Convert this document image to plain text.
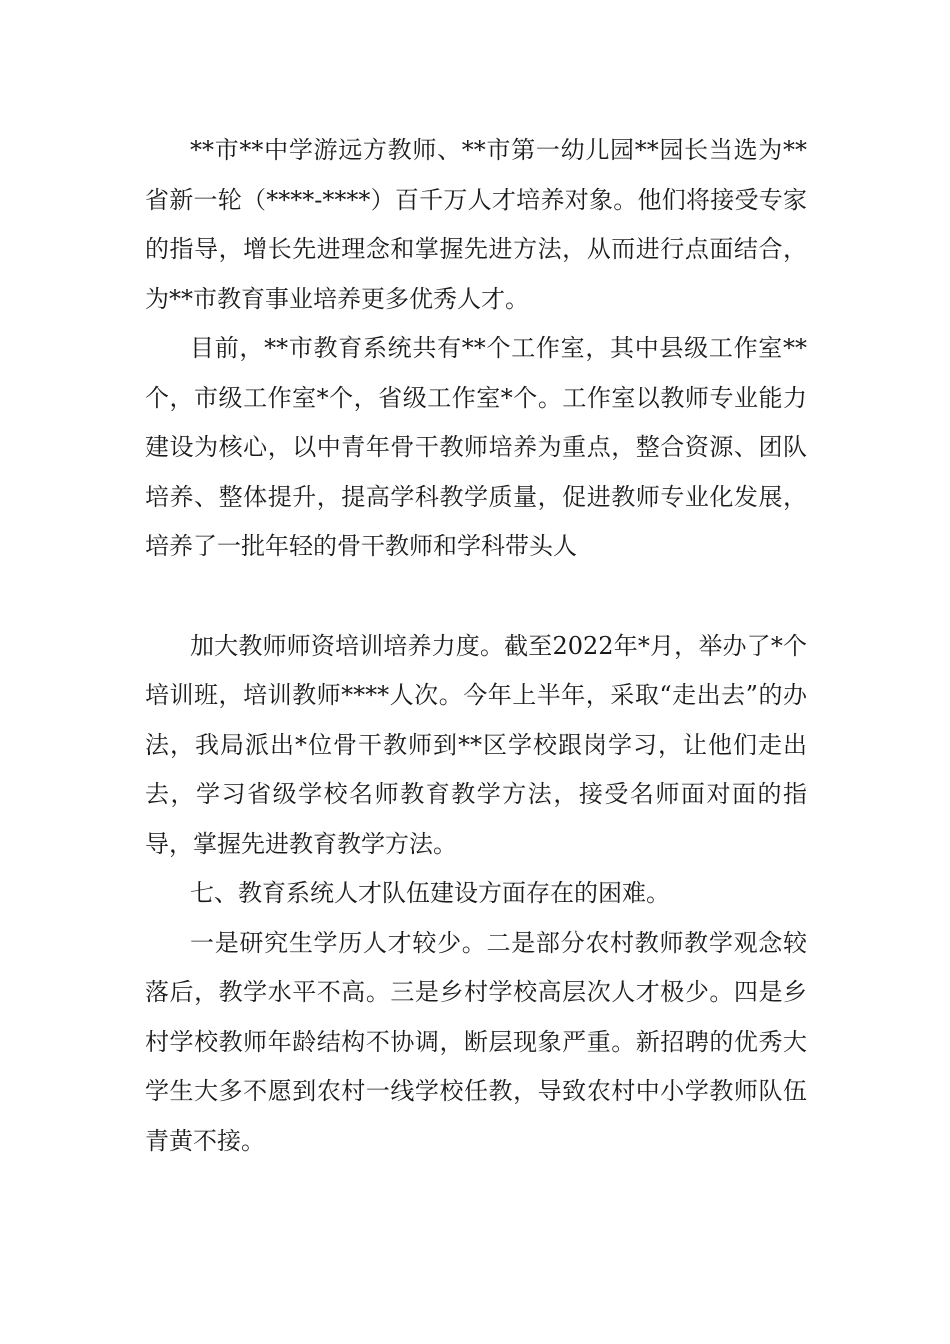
**市**中学游远方教师、**市第一幼儿园**园长当选为**省新一轮（****-****）百千万人才培养对象。他们将接受专家的指导，增长先进理念和掌握先进方法，从而进行点面结合，为**市教育事业培养更多优秀人才。

目前，**市教育系统共有**个工作室，其中县级工作室**个，市级工作室*个，省级工作室*个。工作室以教师专业能力建设为核心，以中青年骨干教师培养为重点，整合资源、团队培养、整体提升，提高学科教学质量，促进教师专业化发展，培养了一批年轻的骨干教师和学科带头人

加大教师师资培训培养力度。截至2022年*月，举办了*个培训班，培训教师****人次。今年上半年，采取“走出去”的办法，我局派出*位骨干教师到**区学校跟岗学习，让他们走出去，学习省级学校名师教育教学方法，接受名师面对面的指导，掌握先进教育教学方法。

七、教育系统人才队伍建设方面存在的困难。

一是研究生学历人才较少。二是部分农村教师教学观念较落后，教学水平不高。三是乡村学校高层次人才极少。四是乡村学校教师年龄结构不协调，断层现象严重。新招聘的优秀大学生大多不愿到农村一线学校任教，导致农村中小学教师队伍青黄不接。
